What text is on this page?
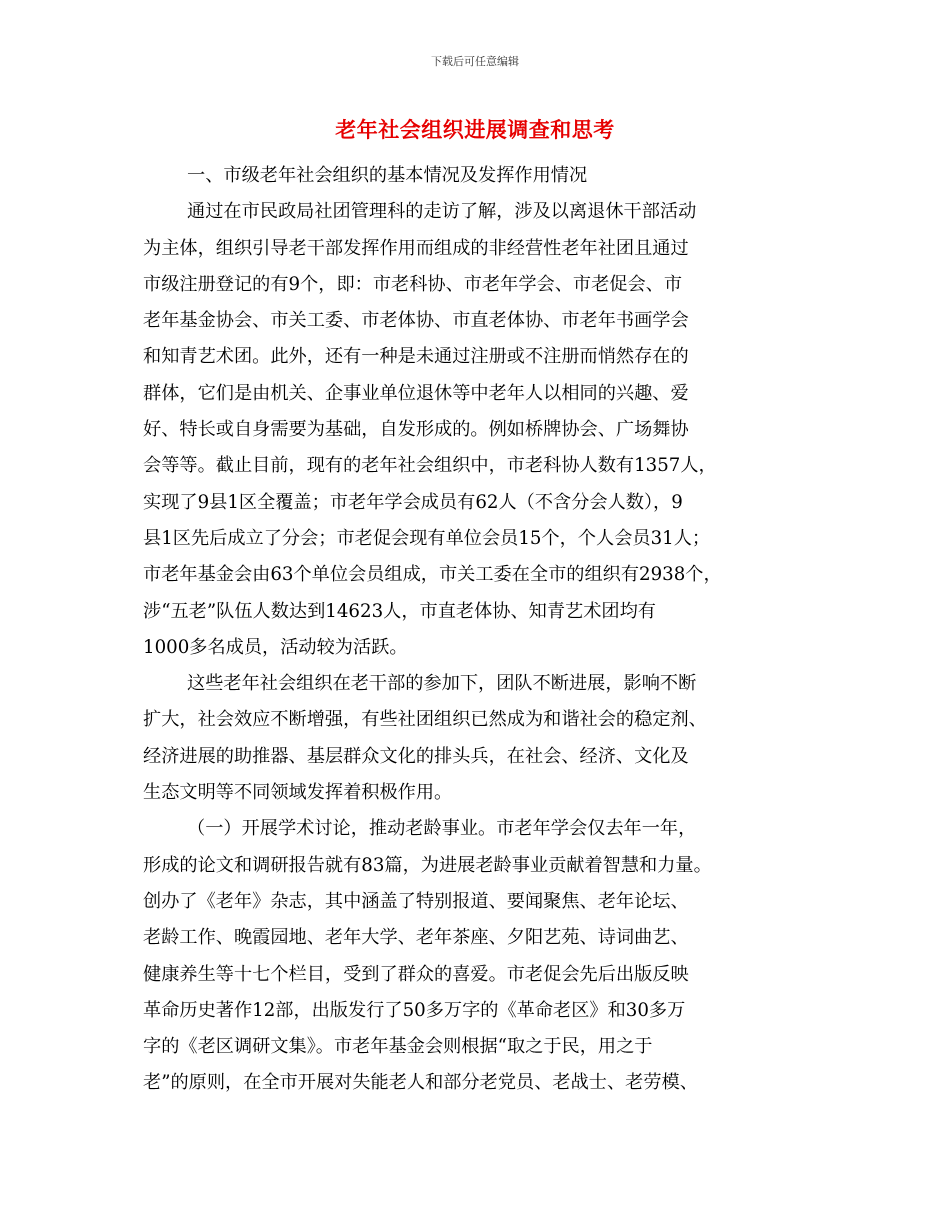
下载后可任意编辑
老年社会组织进展调查和思考
一、市级老年社会组织的基本情况及发挥作用情况
通过在市民政局社团管理科的走访了解，涉及以离退休干部活动
为主体，组织引导老干部发挥作用而组成的非经营性老年社团且通过
市级注册登记的有9个，即：市老科协、市老年学会、市老促会、市
老年基金协会、市关工委、市老体协、市直老体协、市老年书画学会
和知青艺术团。此外，还有一种是未通过注册或不注册而悄然存在的
群体，它们是由机关、企事业单位退休等中老年人以相同的兴趣、爱
好、特长或自身需要为基础，自发形成的。例如桥牌协会、广场舞协
会等等。截止目前，现有的老年社会组织中，市老科协人数有1357人，
实现了9县1区全覆盖；市老年学会成员有62人（不含分会人数），9
县1区先后成立了分会；市老促会现有单位会员15个，个人会员31人；
市老年基金会由63个单位会员组成，市关工委在全市的组织有2938个，
涉“五老”队伍人数达到14623人，市直老体协、知青艺术团均有
1000多名成员，活动较为活跃。
这些老年社会组织在老干部的参加下，团队不断进展，影响不断
扩大，社会效应不断增强，有些社团组织已然成为和谐社会的稳定剂、
经济进展的助推器、基层群众文化的排头兵，在社会、经济、文化及
生态文明等不同领域发挥着积极作用。
（一）开展学术讨论，推动老龄事业。市老年学会仅去年一年，
形成的论文和调研报告就有83篇，为进展老龄事业贡献着智慧和力量。
创办了《老年》杂志，其中涵盖了特别报道、要闻聚焦、老年论坛、
老龄工作、晚霞园地、老年大学、老年茶座、夕阳艺苑、诗词曲艺、
健康养生等十七个栏目，受到了群众的喜爱。市老促会先后出版反映
革命历史著作12部，出版发行了50多万字的《革命老区》和30多万
字的《老区调研文集》。市老年基金会则根据“取之于民，用之于
老”的原则，在全市开展对失能老人和部分老党员、老战士、老劳模、
